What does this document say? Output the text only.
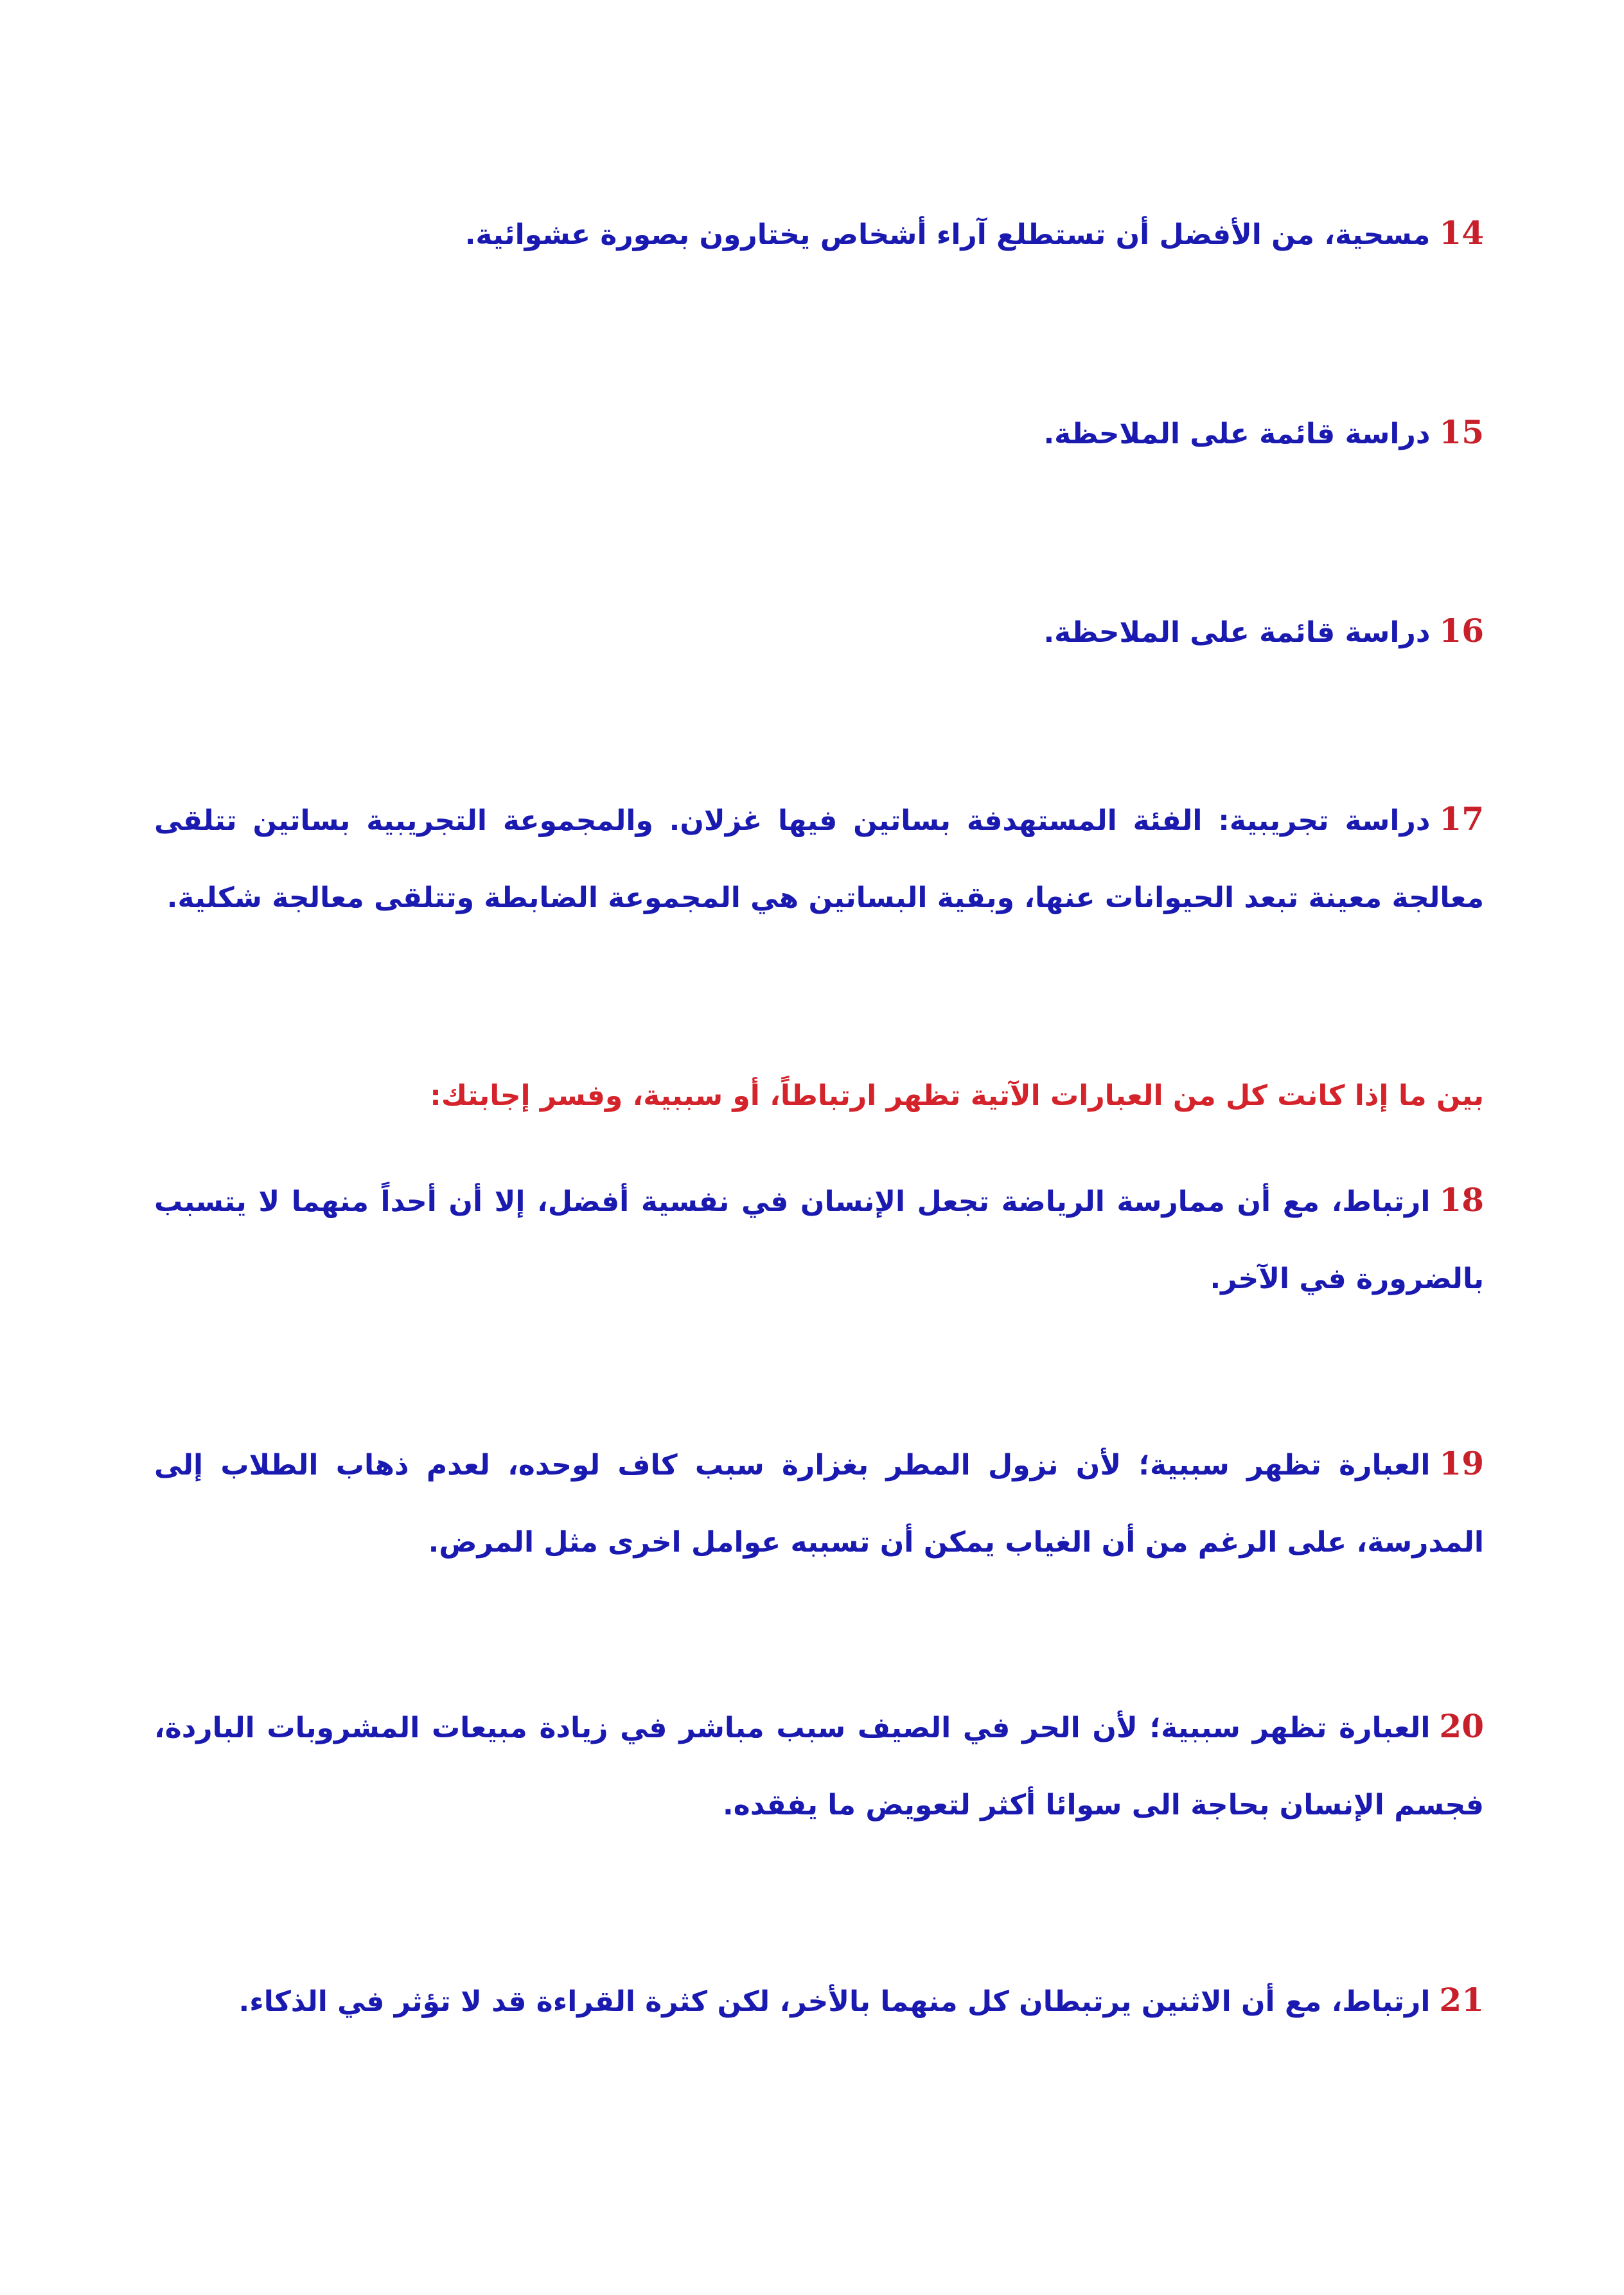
14مسحية، من الأفضل أن تستطلع آراء أشخاص يختارون بصورة عشوائية.
15دراسة قائمة على الملاحظة.
16دراسة قائمة على الملاحظة.
17دراسة تجريبية: الفئة المستهدفة بساتين فيها غزلان. والمجموعة التجريبية بساتين تتلقى معالجة معينة تبعد الحيوانات عنها، وبقية البساتين هي المجموعة الضابطة وتتلقى معالجة شكلية.
بين ما إذا كانت كل من العبارات الآتية تظهر ارتباطاً، أو سببية، وفسر إجابتك:
18ارتباط، مع أن ممارسة الرياضة تجعل الإنسان في نفسية أفضل، إلا أن أحداً منهما لا يتسبب بالضرورة في الآخر.
19العبارة تظهر سببية؛ لأن نزول المطر بغزارة سبب كاف لوحده، لعدم ذهاب الطلاب إلى المدرسة، على الرغم من أن الغياب يمكن أن تسببه عوامل اخرى مثل المرض.
20العبارة تظهر سببية؛ لأن الحر في الصيف سبب مباشر في زيادة مبيعات المشروبات الباردة، فجسم الإنسان بحاجة الى سوائا أكثر لتعويض ما يفقده.
21ارتباط، مع أن الاثنين يرتبطان كل منهما بالأخر، لكن كثرة القراءة قد لا تؤثر في الذكاء.
